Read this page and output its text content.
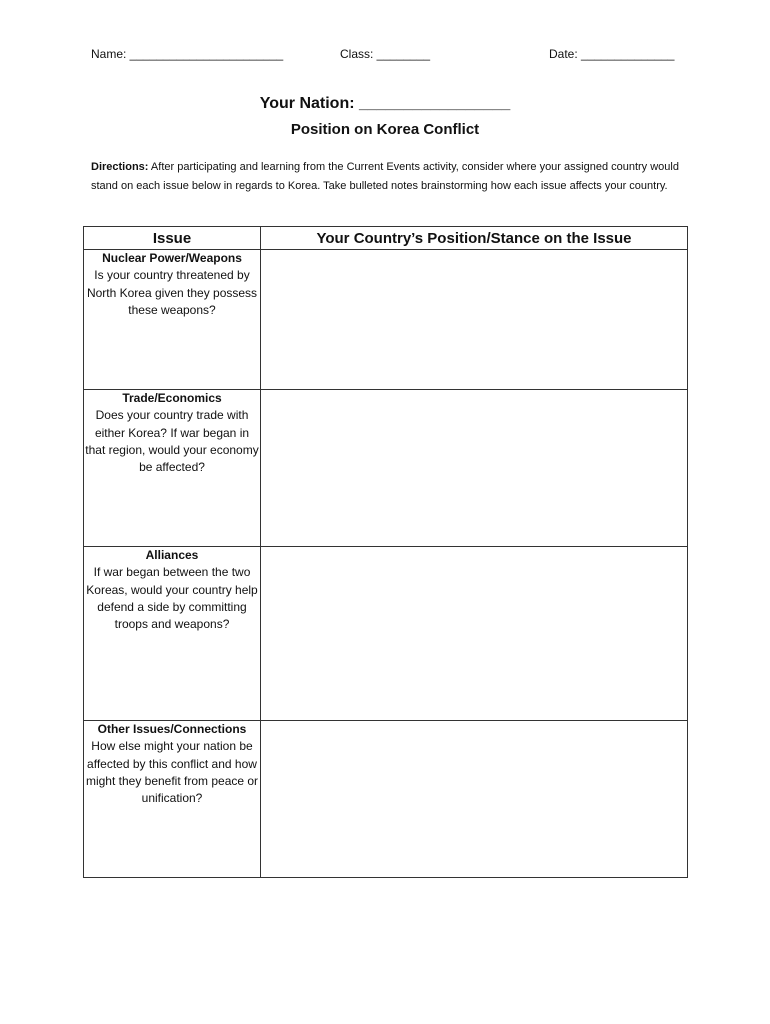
Name: _______________________	Class: ________	Date: ______________
Your Nation: _________________
Position on Korea Conflict
Directions: After participating and learning from the Current Events activity, consider where your assigned country would stand on each issue below in regards to Korea. Take bulleted notes brainstorming how each issue affects your country.
Issue	Your Country’s Position/Stance on the Issue

Nuclear Power/Weapons
Is your country threatened by North Korea given they possess these weapons?	

Trade/Economics
Does your country trade with either Korea? If war began in that region, would your economy be affected?	

Alliances
If war began between the two Koreas, would your country help defend a side by committing troops and weapons?	

Other Issues/Connections
How else might your nation be affected by this conflict and how might they benefit from peace or unification?	
